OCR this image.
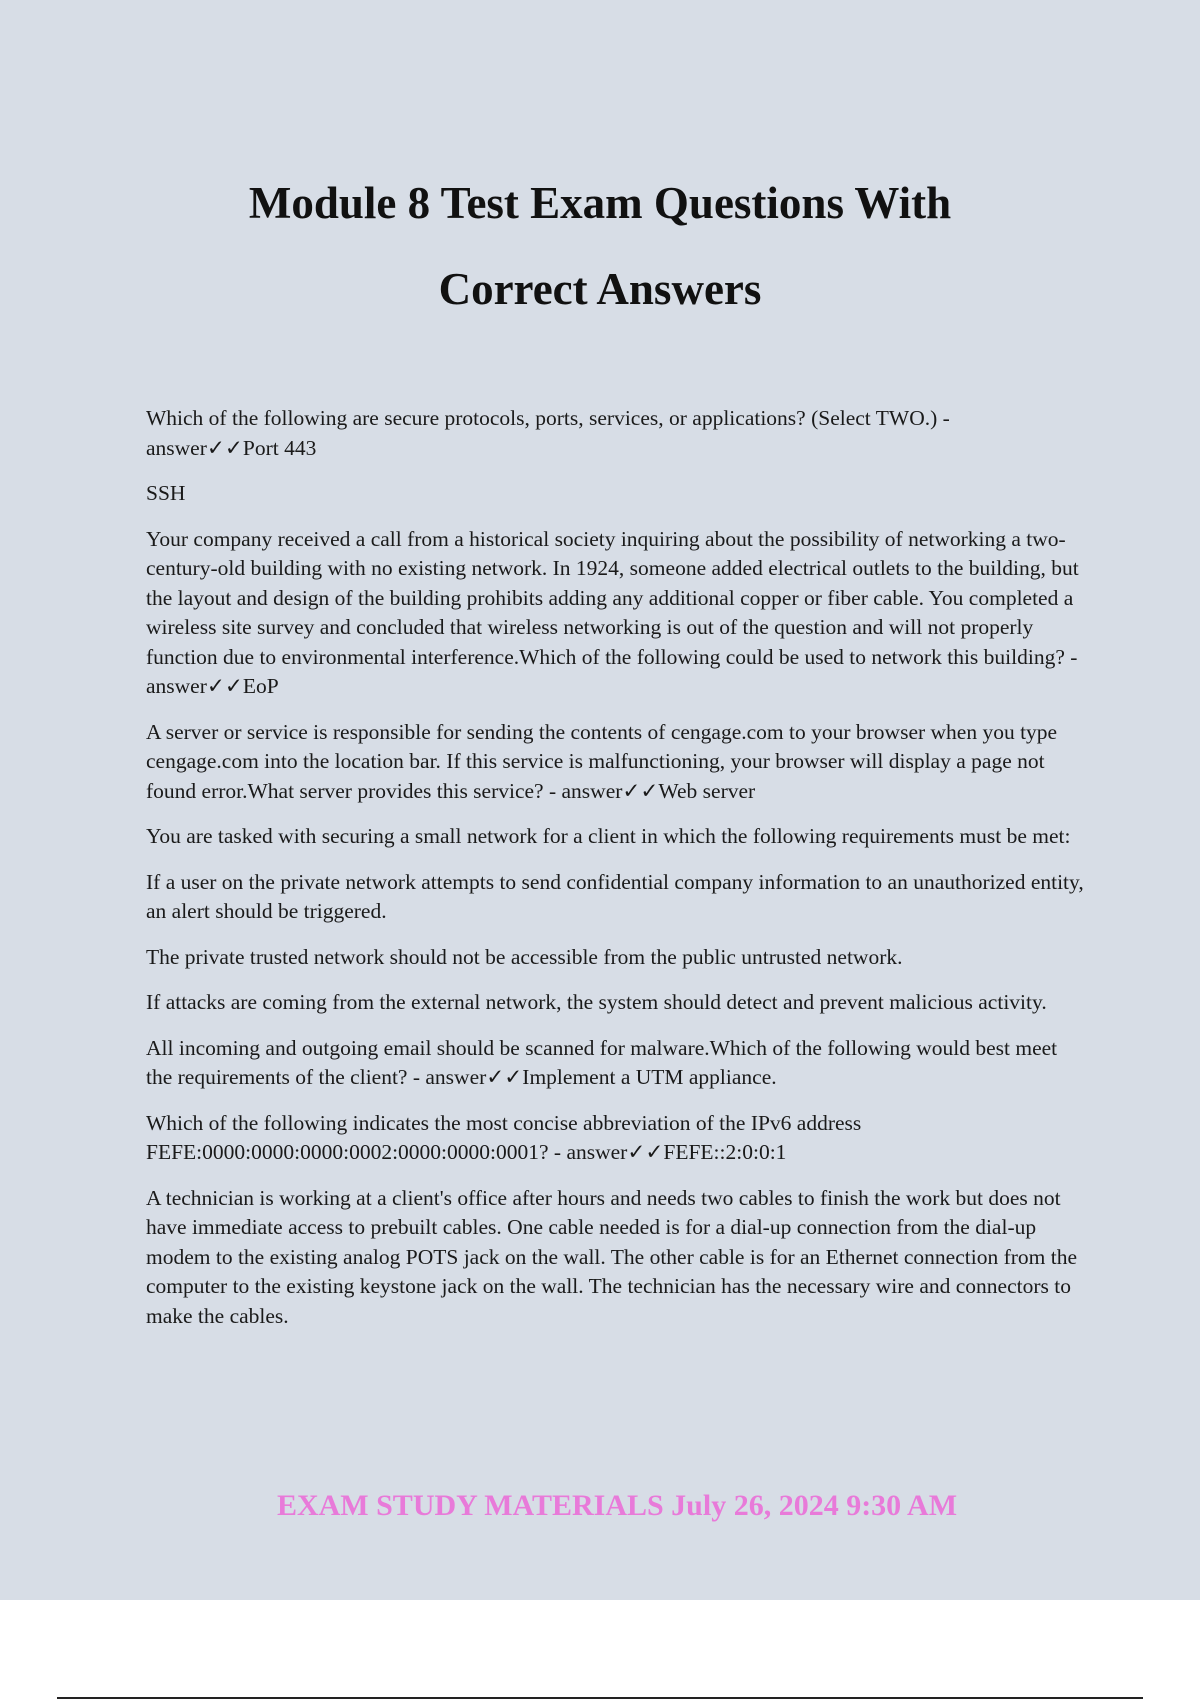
Module 8 Test Exam Questions With
Correct Answers

Which of the following are secure protocols, ports, services, or applications? (Select TWO.) - answer✓✓Port 443

SSH

Your company received a call from a historical society inquiring about the possibility of networking a two-century-old building with no existing network. In 1924, someone added electrical outlets to the building, but the layout and design of the building prohibits adding any additional copper or fiber cable. You completed a wireless site survey and concluded that wireless networking is out of the question and will not properly function due to environmental interference.Which of the following could be used to network this building? - answer✓✓EoP

A server or service is responsible for sending the contents of cengage.com to your browser when you type cengage.com into the location bar. If this service is malfunctioning, your browser will display a page not found error.What server provides this service? - answer✓✓Web server

You are tasked with securing a small network for a client in which the following requirements must be met:

If a user on the private network attempts to send confidential company information to an unauthorized entity, an alert should be triggered.

The private trusted network should not be accessible from the public untrusted network.

If attacks are coming from the external network, the system should detect and prevent malicious activity.

All incoming and outgoing email should be scanned for malware.Which of the following would best meet the requirements of the client? - answer✓✓Implement a UTM appliance.

Which of the following indicates the most concise abbreviation of the IPv6 address FEFE:0000:0000:0000:0002:0000:0000:0001? - answer✓✓FEFE::2:0:0:1

A technician is working at a client's office after hours and needs two cables to finish the work but does not have immediate access to prebuilt cables. One cable needed is for a dial-up connection from the dial-up modem to the existing analog POTS jack on the wall. The other cable is for an Ethernet connection from the computer to the existing keystone jack on the wall. The technician has the necessary wire and connectors to make the cables.

EXAM STUDY MATERIALS July 26, 2024 9:30 AM
